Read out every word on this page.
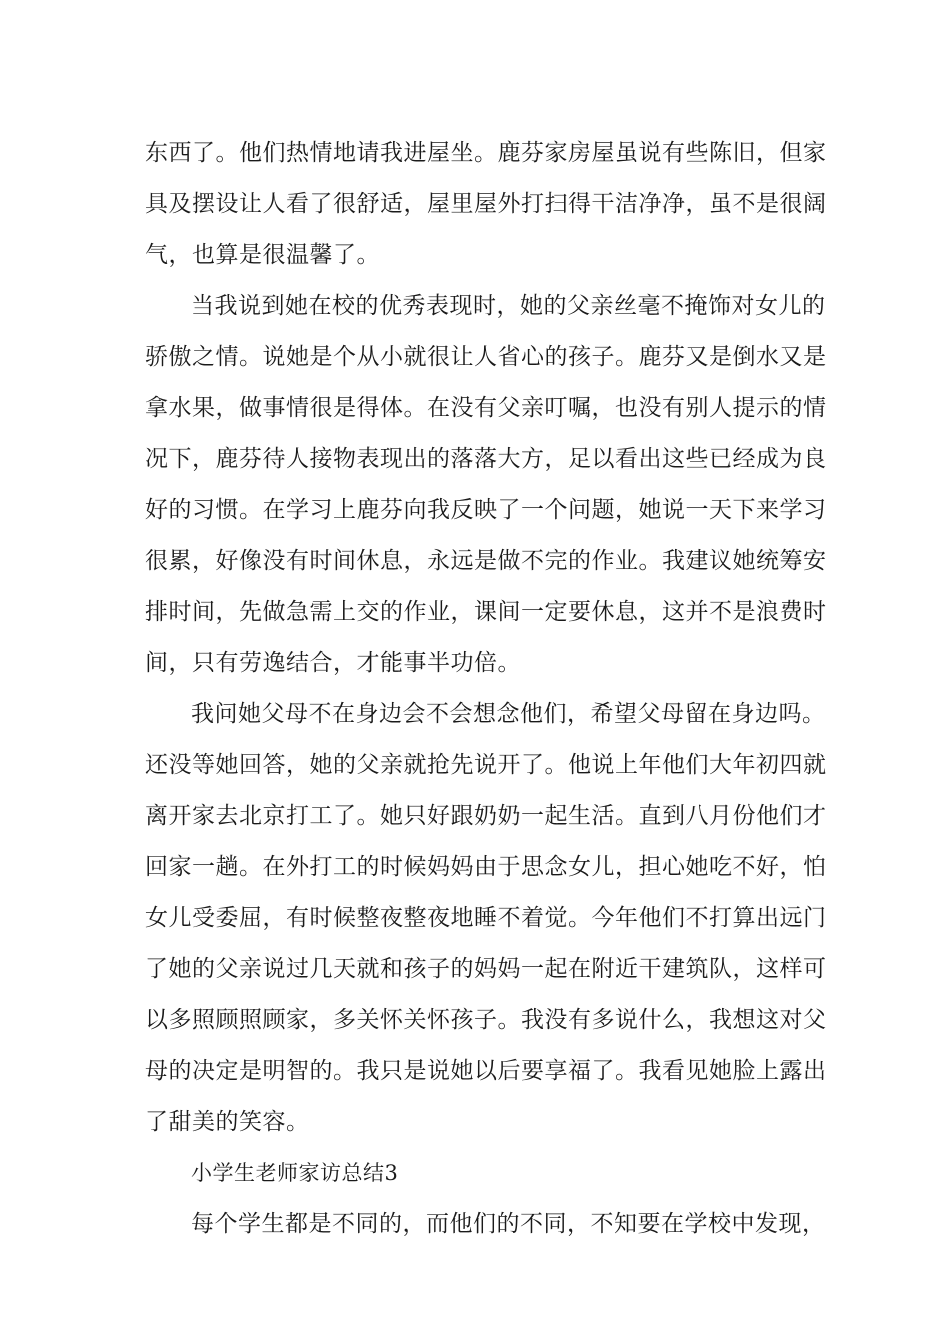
东西了。他们热情地请我进屋坐。鹿芬家房屋虽说有些陈旧，但家
具及摆设让人看了很舒适，屋里屋外打扫得干洁净净，虽不是很阔
气，也算是很温馨了。
当我说到她在校的优秀表现时，她的父亲丝毫不掩饰对女儿的
骄傲之情。说她是个从小就很让人省心的孩子。鹿芬又是倒水又是
拿水果，做事情很是得体。在没有父亲叮嘱，也没有别人提示的情
况下，鹿芬待人接物表现出的落落大方，足以看出这些已经成为良
好的习惯。在学习上鹿芬向我反映了一个问题，她说一天下来学习
很累，好像没有时间休息，永远是做不完的作业。我建议她统筹安
排时间，先做急需上交的作业，课间一定要休息，这并不是浪费时
间，只有劳逸结合，才能事半功倍。
我问她父母不在身边会不会想念他们，希望父母留在身边吗。
还没等她回答，她的父亲就抢先说开了。他说上年他们大年初四就
离开家去北京打工了。她只好跟奶奶一起生活。直到八月份他们才
回家一趟。在外打工的时候妈妈由于思念女儿，担心她吃不好，怕
女儿受委屈，有时候整夜整夜地睡不着觉。今年他们不打算出远门
了她的父亲说过几天就和孩子的妈妈一起在附近干建筑队，这样可
以多照顾照顾家，多关怀关怀孩子。我没有多说什么，我想这对父
母的决定是明智的。我只是说她以后要享福了。我看见她脸上露出
了甜美的笑容。
小学生老师家访总结3
每个学生都是不同的，而他们的不同，不知要在学校中发现，
